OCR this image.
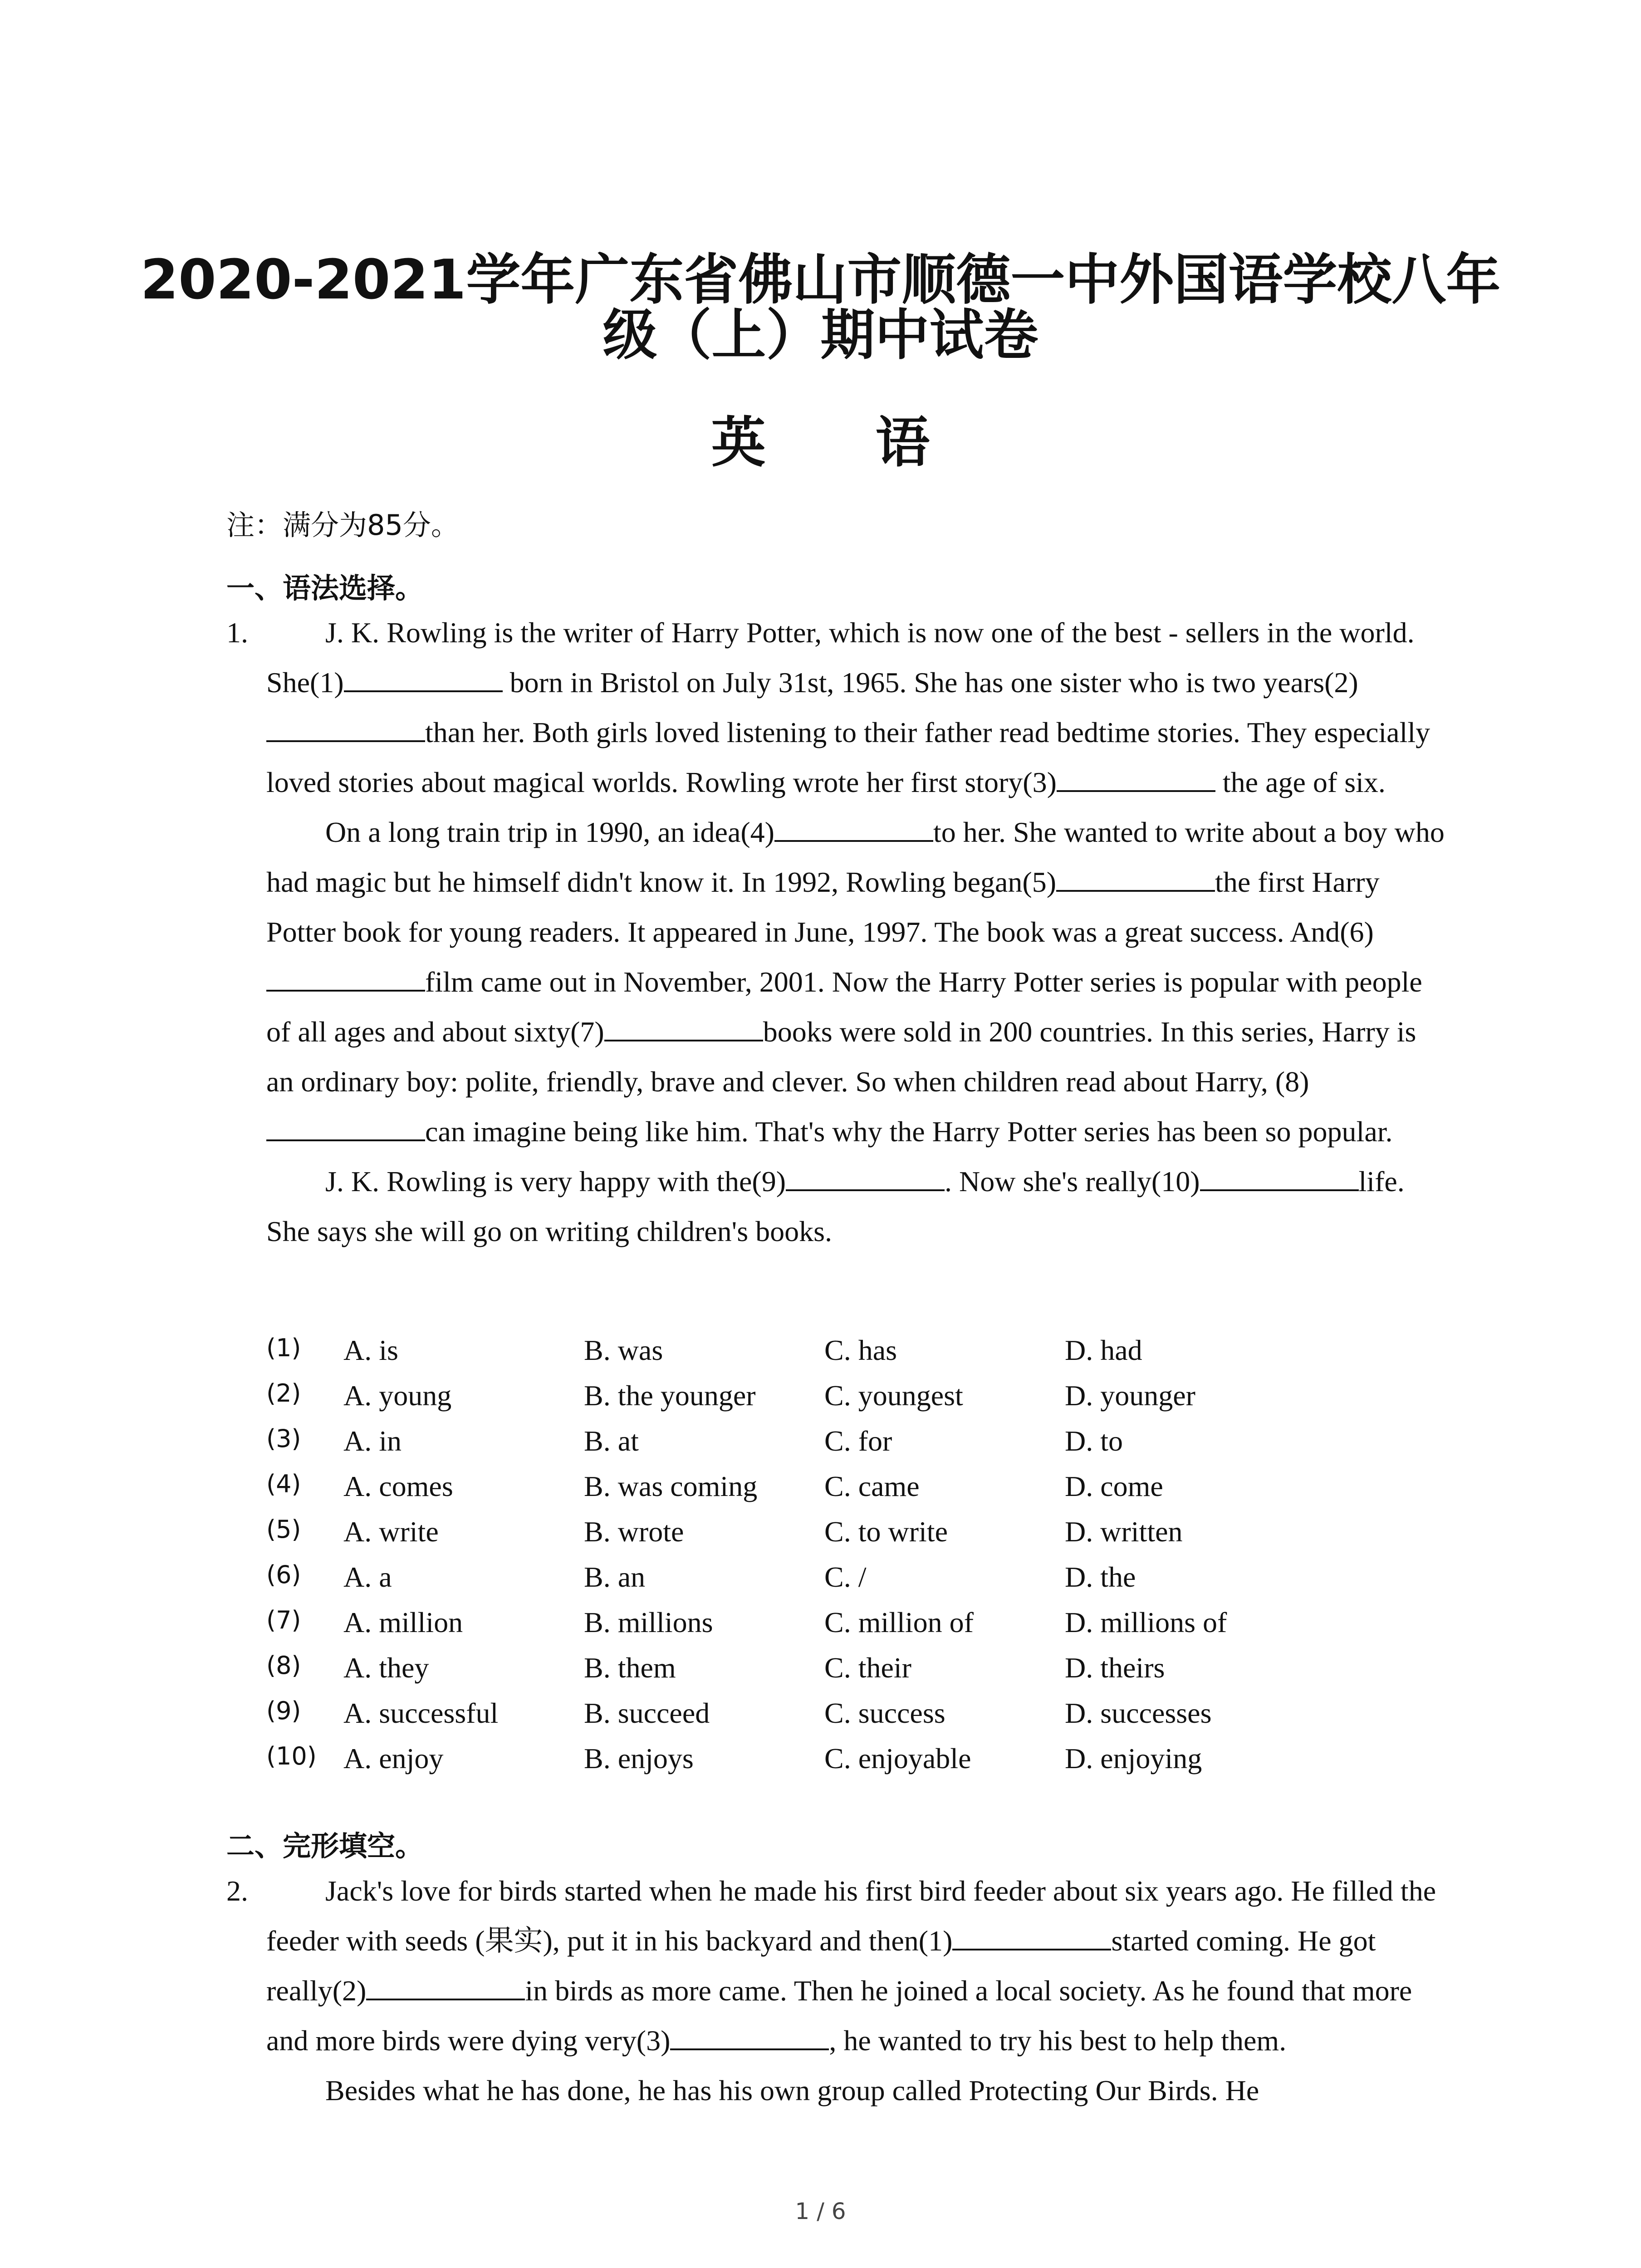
2020-2021学年广东省佛山市顺德一中外国语学校八年
级（上）期中试卷
英 语
注：满分为85分。
一、语法选择。
1.	J. K. Rowling is the writer of Harry Potter, which is now one of the best - sellers in the world. She(1)	born in Bristol on July 31st, 1965. She has one sister who is two years(2)than her. Both girls loved listening to their father read bedtime stories. They especially loved stories about magical worlds. Rowling wrote her first story(3)	the age of six.

On a long train trip in 1990, an idea(4)	to her. She wanted to write about a boy who had magic but he himself didn't know it. In 1992, Rowling began(5)	the first Harry Potter book for young readers. It appeared in June, 1997. The book was a great success. And(6)film came out in November, 2001. Now the Harry Potter series is popular with people of all ages and about sixty(7)	books were sold in 200 countries. In this series, Harry is an ordinary boy: polite, friendly, brave and clever. So when children read about Harry, (8)can imagine being like him. That's why the Harry Potter series has been so popular.

J. K. Rowling is very happy with the(9)	. Now she's really(10)	life. She says she will go on writing children's books.

(1) A. is	B. was	C. has	D. had
(2) A. young	B. the younger C. youngest	D. younger
(3) A. in	B. at	C. for	D. to
(4) A. comes	B. was coming C. came	D. come
(5) A. write	B. wrote	C. to write	D. written
(6) A. a	B. an	C. /	D. the
(7) A. million	B. millions	C. million of	D. millions of
(8) A. they	B. them	C. their	D. theirs
(9) A. successful	B. succeed	C. success	D. successes
(10) A. enjoy	B. enjoys	C. enjoyable	D. enjoying
二、完形填空。
2.	Jack's love for birds started when he made his first bird feeder about six years ago. He filled the feeder with seeds (果实), put it in his backyard and then(1)	started coming. He got really(2)	in birds as more came. Then he joined a local society. As he found that more and more birds were dying very(3)	, he wanted to try his best to help them.

Besides what he has done, he has his own group called Protecting Our Birds. He

1 / 6
